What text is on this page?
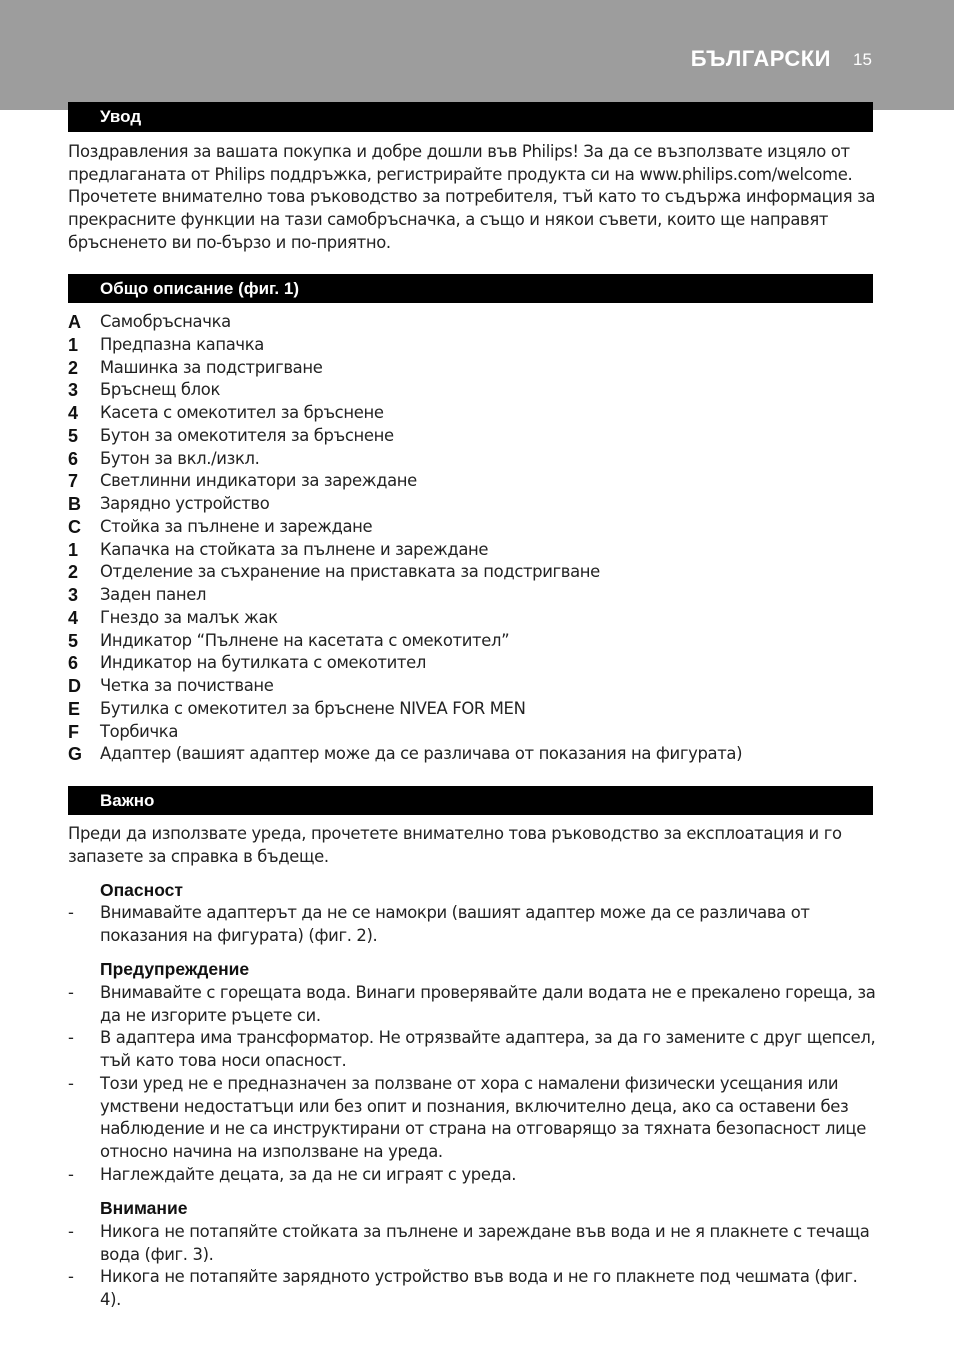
БЪЛГАРСКИ 15
Увод

Поздравления за вашата покупка и добре дошли във Philips! За да се възползвате изцяло от предлаганата от Philips поддръжка, регистрирайте продукта си на www.philips.com/welcome. Прочетете внимателно това ръководство за потребителя, тъй като то съдържа информация за прекрасните функции на тази самобръсначка, а също и някои съвети, които ще направят бръсненето ви по-бързо и по-приятно.

Общо описание (фиг. 1)
A Самобръсначка
1 Предпазна капачка
2 Машинка за подстригване
3 Бръснещ блок
4 Касета с омекотител за бръснене
5 Бутон за омекотителя за бръснене
6 Бутон за вкл./изкл.
7 Светлинни индикатори за зареждане
B Зарядно устройство
C Стойка за пълнене и зареждане
1 Капачка на стойката за пълнене и зареждане
2 Отделение за съхранение на приставката за подстригване
3 Заден панел
4 Гнездо за малък жак
5 Индикатор “Пълнене на касетата с омекотител”
6 Индикатор на бутилката с омекотител
D Четка за почистване
E Бутилка с омекотител за бръснене NIVEA FOR MEN
F Торбичка
G Адаптер (вашият адаптер може да се различава от показания на фигурата)
Важно

Преди да използвате уреда, прочетете внимателно това ръководство за експлоатация и го запазете за справка в бъдеще.

Опасност
- Внимавайте адаптерът да не се намокри (вашият адаптер може да се различава от показания на фигурата) (фиг. 2).
Предупреждение
- Внимавайте с горещата вода. Винаги проверявайте дали водата не е прекалено гореща, за да не изгорите ръцете си.
- В адаптера има трансформатор. Не отрязвайте адаптера, за да го замените с друг щепсел, тъй като това носи опасност.
- Този уред не е предназначен за ползване от хора с намалени физически усещания или умствени недостатъци или без опит и познания, включително деца, ако са оставени без наблюдение и не са инструктирани от страна на отговарящо за тяхната безопасност лице относно начина на използване на уреда.
- Наглеждайте децата, за да не си играят с уреда.
Внимание
- Никога не потапяйте стойката за пълнене и зареждане във вода и не я плакнете с течаща вода (фиг. 3).
- Никога не потапяйте зарядното устройство във вода и не го плакнете под чешмата (фиг. 4).
